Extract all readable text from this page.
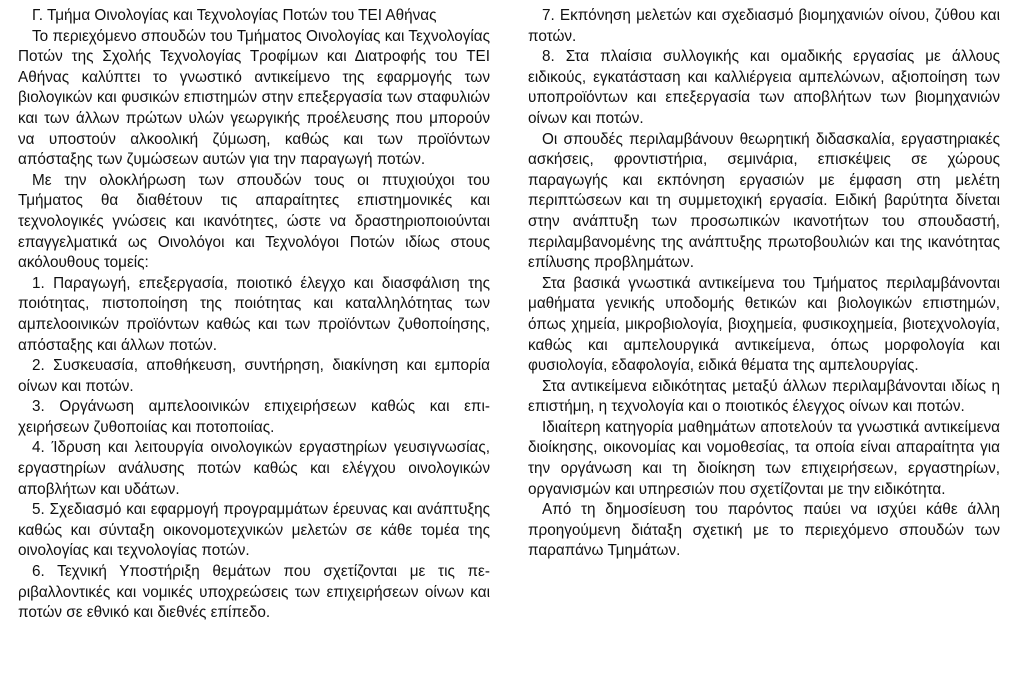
Γ. Τμήμα Οινολογίας και Τεχνολογίας Ποτών του ΤΕΙ Αθήνας

Το περιεχόμενο σπουδών του Τμήματος Οινολογίας και Τεχνολογίας Ποτών της Σχολής Τεχνολογίας Τροφίμων και Διατροφής του ΤΕΙ Αθήνας καλύπτει το γνωστικό αντικείμενο της εφαρμογής των βιολογικών και φυσικών επιστημών στην επεξεργασία των σταφυλιών και των άλλων πρώτων υλών γεωργικής προέλευσης που μπορούν να υποστούν αλκοολική ζύμωση, καθώς και των προϊόντων απόσταξης των ζυμώσεων αυτών για την παραγωγή ποτών.

Με την ολοκλήρωση των σπουδών τους οι πτυχιούχοι του Τμήματος θα διαθέτουν τις απαραίτητες επιστημονικές και τεχνολογικές γνώσεις και ικανότητες, ώστε να δραστηριοποιούνται επαγγελματικά ως Οινολόγοι και Τεχνολόγοι Ποτών ιδίως στους ακόλουθους τομείς:

1. Παραγωγή, επεξεργασία, ποιοτικό έλεγχο και διασφάλιση της ποιότητας, πιστοποίηση της ποιότητας και καταλληλότητας των αμπελοοινικών προϊόντων καθώς και των προϊόντων ζυθοποίησης, απόσταξης και άλλων ποτών.

2. Συσκευασία, αποθήκευση, συντήρηση, διακίνηση και εμπορία οίνων και ποτών.

3. Οργάνωση αμπελοοινικών επιχειρήσεων καθώς και επιχειρήσεων ζυθοποιίας και ποτοποιίας.

4. Ίδρυση και λειτουργία οινολογικών εργαστηρίων γευσιγνωσίας, εργαστηρίων ανάλυσης ποτών καθώς και ελέγχου οινολογικών αποβλήτων και υδάτων.

5. Σχεδιασμό και εφαρμογή προγραμμάτων έρευνας και ανάπτυξης καθώς και σύνταξη οικονομοτεχνικών μελετών σε κάθε τομέα της οινολογίας και τεχνολογίας ποτών.

6. Τεχνική Υποστήριξη θεμάτων που σχετίζονται με τις περιβαλλοντικές και νομικές υποχρεώσεις των επιχειρήσεων οίνων και ποτών σε εθνικό και διεθνές επίπεδο.

7. Εκπόνηση μελετών και σχεδιασμό βιομηχανιών οίνου, ζύθου και ποτών.

8. Στα πλαίσια συλλογικής και ομαδικής εργασίας με άλλους ειδικούς, εγκατάσταση και καλλιέργεια αμπελώνων, αξιοποίηση των υποπροϊόντων και επεξεργασία των αποβλήτων των βιομηχανιών οίνων και ποτών.

Οι σπουδές περιλαμβάνουν θεωρητική διδασκαλία, εργαστηριακές ασκήσεις, φροντιστήρια, σεμινάρια, επισκέψεις σε χώρους παραγωγής και εκπόνηση εργασιών με έμφαση στη μελέτη περιπτώσεων και τη συμμετοχική εργασία. Ειδική βαρύτητα δίνεται στην ανάπτυξη των προσωπικών ικανοτήτων του σπουδαστή, περιλαμβανομένης της ανάπτυξης πρωτοβουλιών και της ικανότητας επίλυσης προβλημάτων.

Στα βασικά γνωστικά αντικείμενα του Τμήματος περιλαμβάνονται μαθήματα γενικής υποδομής θετικών και βιολογικών επιστημών, όπως χημεία, μικροβιολογία, βιοχημεία, φυσικοχημεία, βιοτεχνολογία, καθώς και αμπελουργικά αντικείμενα, όπως μορφολογία και φυσιολογία, εδαφολογία, ειδικά θέματα της αμπελουργίας.

Στα αντικείμενα ειδικότητας μεταξύ άλλων περιλαμβάνονται ιδίως η επιστήμη, η τεχνολογία και ο ποιοτικός έλεγχος οίνων και ποτών.

Ιδιαίτερη κατηγορία μαθημάτων αποτελούν τα γνωστικά αντικείμενα διοίκησης, οικονομίας και νομοθεσίας, τα οποία είναι απαραίτητα για την οργάνωση και τη διοίκηση των επιχειρήσεων, εργαστηρίων, οργανισμών και υπηρεσιών που σχετίζονται με την ειδικότητα.

Από τη δημοσίευση του παρόντος παύει να ισχύει κάθε άλλη προηγούμενη διάταξη σχετική με το περιεχόμενο σπουδών των παραπάνω Τμημάτων.
